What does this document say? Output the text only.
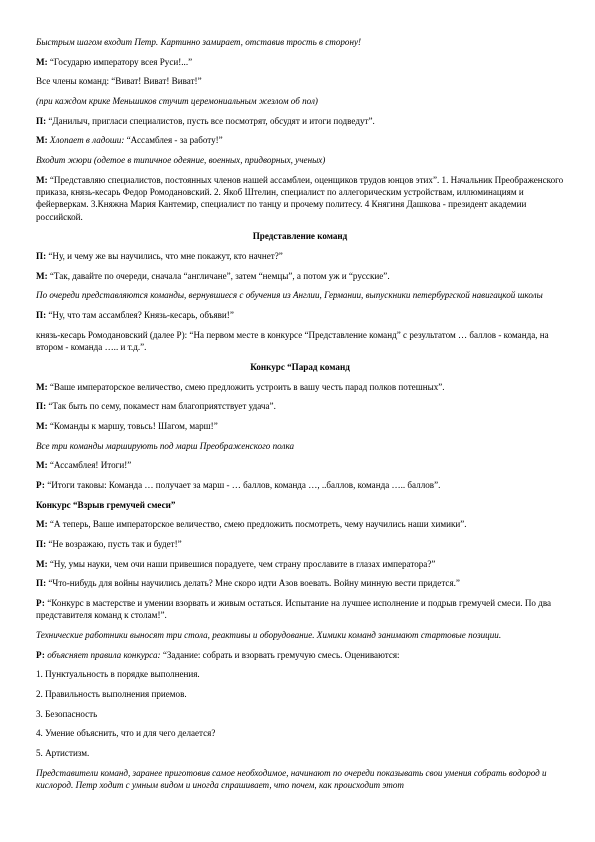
Быстрым шагом входит Петр. Картинно замирает, отставив трость в сторону!

М: “Государю императору всея Руси!...”

Все члены команд: “Виват! Виват! Виват!”

(при каждом крике Меньшиков стучит церемониальным жезлом об пол)

П: “Данилыч, пригласи специалистов, пусть все посмотрят, обсудят и итоги подведут”.

М: Хлопает в ладоши: “Ассамблея - за работу!”

Входит жюри (одетое в типичное одеяние, военных, придворных, ученых)

М: “Представляю специалистов, постоянных членов нашей ассамблеи, оценщиков трудов юнцов этих”. 1. Начальник Преображенского приказа, князь-кесарь Федор Ромодановский. 2. Якоб Штелин, специалист по аллегорическим устройствам, иллюминациям и фейерверкам. 3.Княжна Мария Кантемир, специалист по танцу и прочему политесу. 4 Княгиня Дашкова - президент академии российской.

Представление команд

П: “Ну, и чему же вы научились, что мне покажут, кто начнет?”

М: “Так, давайте по очереди, сначала “англичане”, затем “немцы”, а потом уж и “русские”.

По очереди представляются команды, вернувшиеся с обучения из Англии, Германии, выпускники петербургской навигацкой школы

П: “Ну, что там ассамблея? Князь-кесарь, объяви!”

князь-кесарь Ромодановский (далее Р): “На первом месте в конкурсе “Представление команд” с результатом … баллов - команда, на втором - команда ….. и т.д.”.

Конкурс “Парад команд

М: “Ваше императорское величество, смею предложить устроить в вашу честь парад полков потешных”.

П: “Так быть по сему, покамест нам благоприятствует удача”.

М: “Команды к маршу, товьсь! Шагом, марш!”

Все три команды марширують под марш Преображенского полка

М: “Ассамблея! Итоги!”

Р: “Итоги таковы: Команда … получает за марш - … баллов, команда …, ..баллов, команда ….. баллов”.

Конкурс “Взрыв гремучей смеси”

М: “А теперь, Ваше императорское величество, смею предложить посмотреть, чему научились наши химики”.

П: “Не возражаю, пусть так и будет!”

М: “Ну, умы науки, чем очи наши привешися порадуете, чем страну прославите в глазах императора?”

П: “Что-нибудь для войны научились делать? Мне скоро идти Азов воевать. Войну минную вести придется.”

Р: “Конкурс в мастерстве и умении взорвать и живым остаться. Испытание на лучшее исполнение и подрыв гремучей смеси. По два представителя команд к столам!”.

Технические работники выносят три стола, реактивы и оборудование. Химики команд занимают стартовые позиции.

Р: объясняет правила конкурса: “Задание: собрать и взорвать гремучую смесь. Оцениваются:

1. Пунктуальность в порядке выполнения.

2. Правильность выполнения приемов.

3. Безопасность

4. Умение объяснить, что и для чего делается?

5. Артистизм.

Представители команд, заранее приготовив самое необходимое, начинают по очереди показывать свои умения собрать водород и кислород. Петр ходит с умным видом и иногда спрашивает, что почем, как происходит этот
